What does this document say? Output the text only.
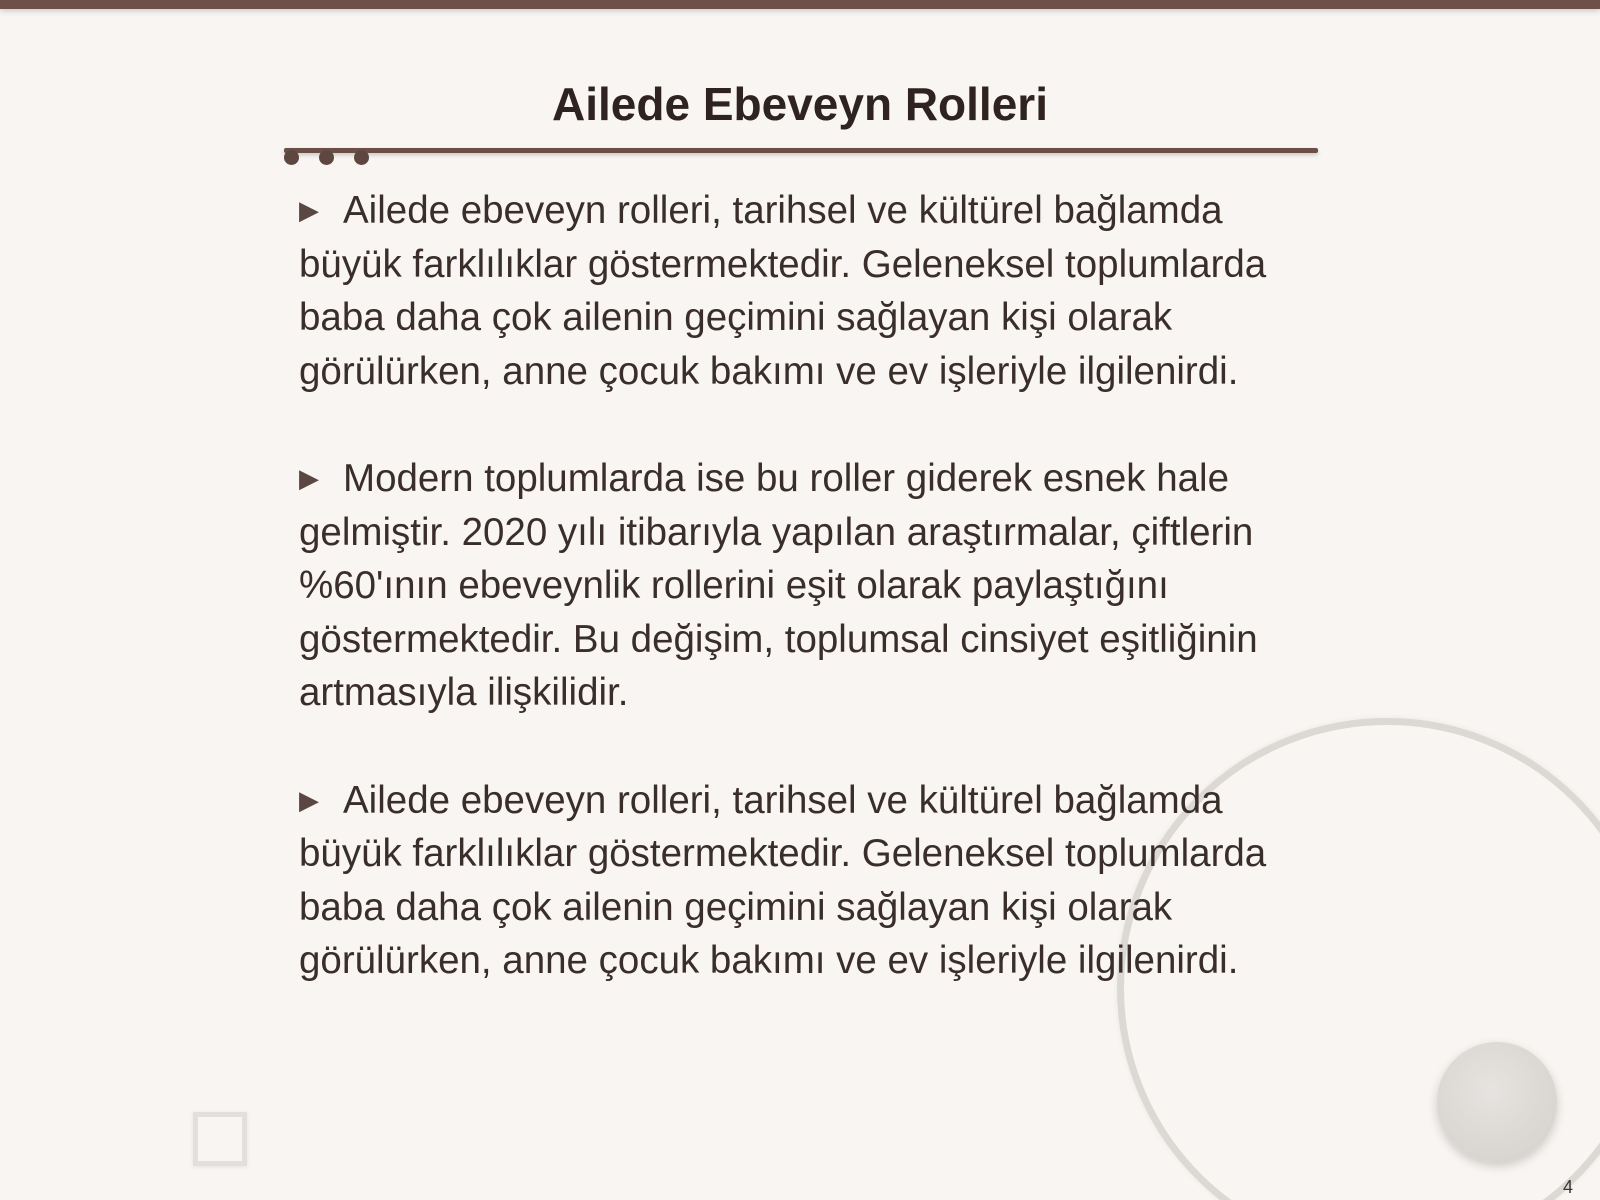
Ailede Ebeveyn Rolleri

▶ Ailede ebeveyn rolleri, tarihsel ve kültürel bağlamda büyük farklılıklar göstermektedir. Geleneksel toplumlarda baba daha çok ailenin geçimini sağlayan kişi olarak görülürken, anne çocuk bakımı ve ev işleriyle ilgilenirdi.

▶ Modern toplumlarda ise bu roller giderek esnek hale gelmiştir. 2020 yılı itibarıyla yapılan araştırmalar, çiftlerin %60'ının ebeveynlik rollerini eşit olarak paylaştığını göstermektedir. Bu değişim, toplumsal cinsiyet eşitliğinin artmasıyla ilişkilidir.

▶ Ailede ebeveyn rolleri, tarihsel ve kültürel bağlamda büyük farklılıklar göstermektedir. Geleneksel toplumlarda baba daha çok ailenin geçimini sağlayan kişi olarak görülürken, anne çocuk bakımı ve ev işleriyle ilgilenirdi.

4
